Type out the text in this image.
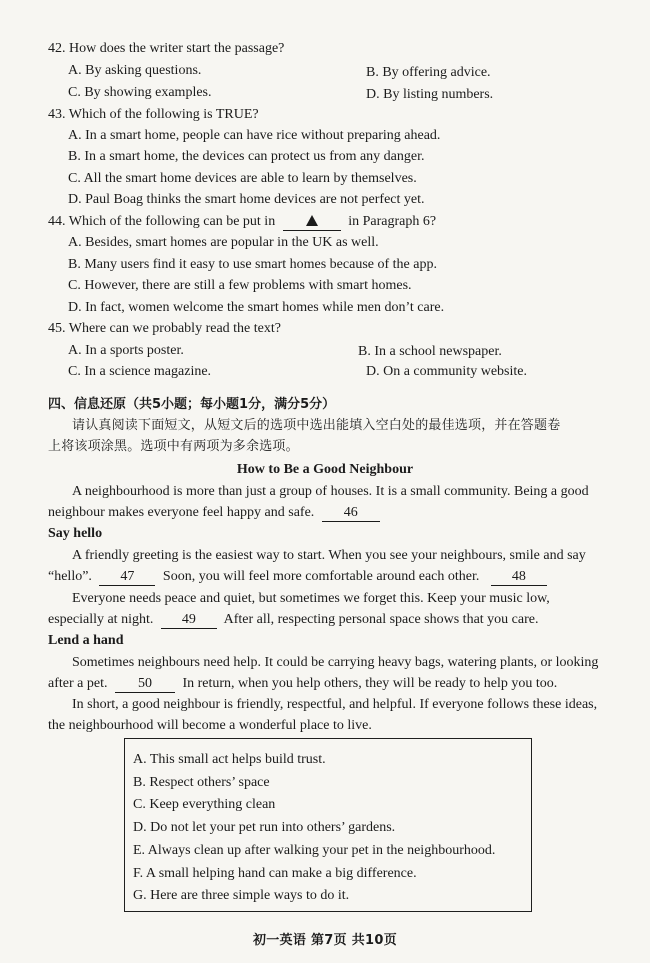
42. How does the writer start the passage?
A. By asking questions.	B. By offering advice.
C. By showing examples.	D. By listing numbers.
43. Which of the following is TRUE?
A. In a smart home, people can have rice without preparing ahead.
B. In a smart home, the devices can protect us from any danger.
C. All the smart home devices are able to learn by themselves.
D. Paul Boag thinks the smart home devices are not perfect yet.
44. Which of the following can be put in	in Paragraph 6?
A. Besides, smart homes are popular in the UK as well.
B. Many users find it easy to use smart homes because of the app.
C. However, there are still a few problems with smart homes.
D. In fact, women welcome the smart homes while men don’t care.
45. Where can we probably read the text?
A. In a sports poster.	B. In a school newspaper.
C. In a science magazine.	D. On a community website.
四、信息还原（共5小题；每小题1分，满分5分）
请认真阅读下面短文，从短文后的选项中选出能填入空白处的最佳选项，并在答题卷
上将该项涂黑。选项中有两项为多余选项。
How to Be a Good Neighbour
A neighbourhood is more than just a group of houses. It is a small community. Being a good
neighbour makes everyone feel happy and safe. 46
Say hello
A friendly greeting is the easiest way to start. When you see your neighbours, smile and say
“hello”. 47 Soon, you will feel more comfortable around each other. 48
Everyone needs peace and quiet, but sometimes we forget this. Keep your music low,
especially at night. 49 After all, respecting personal space shows that you care.
Lend a hand
Sometimes neighbours need help. It could be carrying heavy bags, watering plants, or looking
after a pet. 50 In return, when you help others, they will be ready to help you too.
In short, a good neighbour is friendly, respectful, and helpful. If everyone follows these ideas,
the neighbourhood will become a wonderful place to live.
A. This small act helps build trust.
B. Respect others’ space
C. Keep everything clean
D. Do not let your pet run into others’ gardens.
E. Always clean up after walking your pet in the neighbourhood.
F. A small helping hand can make a big difference.
G. Here are three simple ways to do it.
初一英语 第7页 共10页
